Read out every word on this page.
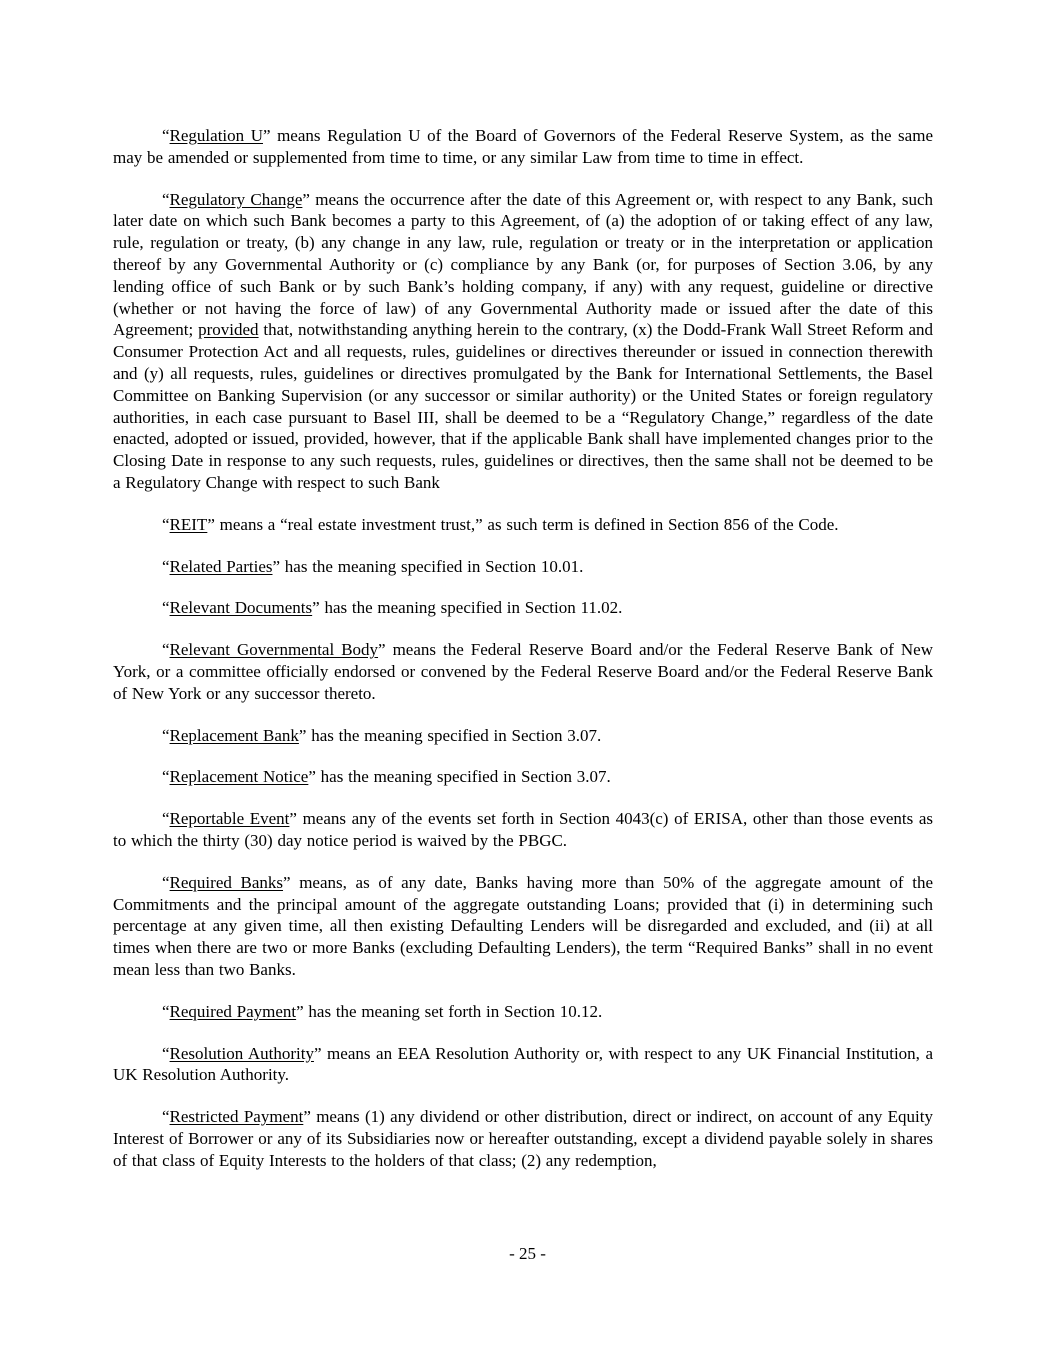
“Regulation U” means Regulation U of the Board of Governors of the Federal Reserve System, as the same may be amended or supplemented from time to time, or any similar Law from time to time in effect.

“Regulatory Change” means the occurrence after the date of this Agreement or, with respect to any Bank, such later date on which such Bank becomes a party to this Agreement, of (a) the adoption of or taking effect of any law, rule, regulation or treaty, (b) any change in any law, rule, regulation or treaty or in the interpretation or application thereof by any Governmental Authority or (c) compliance by any Bank (or, for purposes of Section 3.06, by any lending office of such Bank or by such Bank’s holding company, if any) with any request, guideline or directive (whether or not having the force of law) of any Governmental Authority made or issued after the date of this Agreement; provided that, notwithstanding anything herein to the contrary, (x) the Dodd-Frank Wall Street Reform and Consumer Protection Act and all requests, rules, guidelines or directives thereunder or issued in connection therewith and (y) all requests, rules, guidelines or directives promulgated by the Bank for International Settlements, the Basel Committee on Banking Supervision (or any successor or similar authority) or the United States or foreign regulatory authorities, in each case pursuant to Basel III, shall be deemed to be a “Regulatory Change,” regardless of the date enacted, adopted or issued, provided, however, that if the applicable Bank shall have implemented changes prior to the Closing Date in response to any such requests, rules, guidelines or directives, then the same shall not be deemed to be a Regulatory Change with respect to such Bank

“REIT” means a “real estate investment trust,” as such term is defined in Section 856 of the Code.

“Related Parties” has the meaning specified in Section 10.01.

“Relevant Documents” has the meaning specified in Section 11.02.

“Relevant Governmental Body” means the Federal Reserve Board and/or the Federal Reserve Bank of New York, or a committee officially endorsed or convened by the Federal Reserve Board and/or the Federal Reserve Bank of New York or any successor thereto.

“Replacement Bank” has the meaning specified in Section 3.07.

“Replacement Notice” has the meaning specified in Section 3.07.

“Reportable Event” means any of the events set forth in Section 4043(c) of ERISA, other than those events as to which the thirty (30) day notice period is waived by the PBGC.

“Required Banks” means, as of any date, Banks having more than 50% of the aggregate amount of the Commitments and the principal amount of the aggregate outstanding Loans; provided that (i) in determining such percentage at any given time, all then existing Defaulting Lenders will be disregarded and excluded, and (ii) at all times when there are two or more Banks (excluding Defaulting Lenders), the term “Required Banks” shall in no event mean less than two Banks.

“Required Payment” has the meaning set forth in Section 10.12.

“Resolution Authority” means an EEA Resolution Authority or, with respect to any UK Financial Institution, a UK Resolution Authority.

“Restricted Payment” means (1) any dividend or other distribution, direct or indirect, on account of any Equity Interest of Borrower or any of its Subsidiaries now or hereafter outstanding, except a dividend payable solely in shares of that class of Equity Interests to the holders of that class; (2) any redemption,

- 25 -
